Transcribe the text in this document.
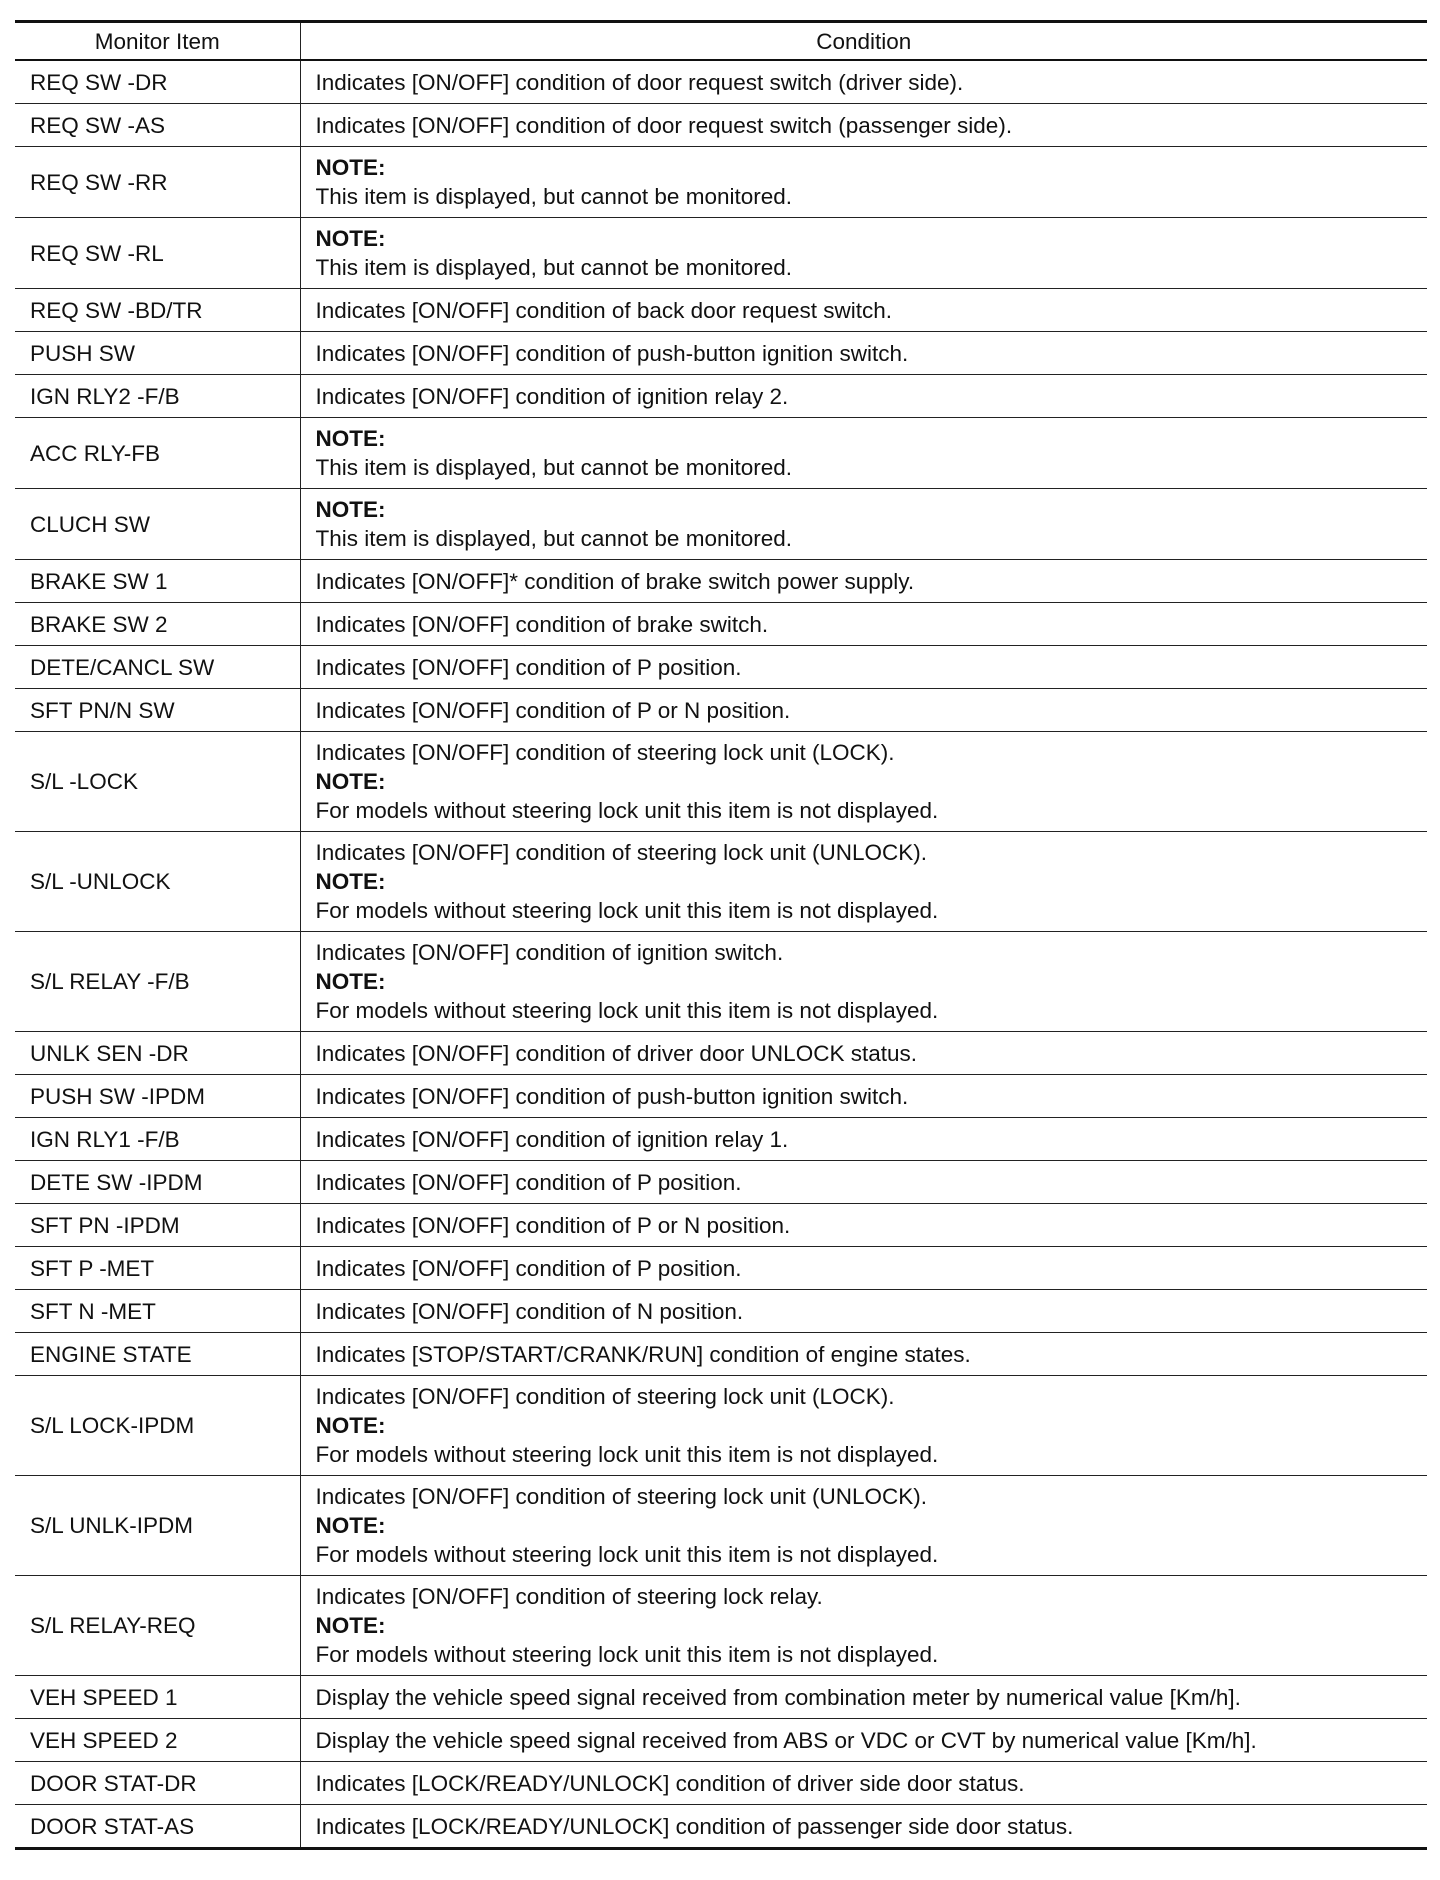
Monitor Item	Condition
REQ SW -DR	Indicates [ON/OFF] condition of door request switch (driver side).

REQ SW -AS	Indicates [ON/OFF] condition of door request switch (passenger side).

REQ SW -RR	NOTE:
This item is displayed, but cannot be monitored.

REQ SW -RL	NOTE:
This item is displayed, but cannot be monitored.

REQ SW -BD/TR	Indicates [ON/OFF] condition of back door request switch.

PUSH SW	Indicates [ON/OFF] condition of push-button ignition switch.

IGN RLY2 -F/B	Indicates [ON/OFF] condition of ignition relay 2.

ACC RLY-FB	NOTE:
This item is displayed, but cannot be monitored.

CLUCH SW	NOTE:
This item is displayed, but cannot be monitored.

BRAKE SW 1	Indicates [ON/OFF]* condition of brake switch power supply.

BRAKE SW 2	Indicates [ON/OFF] condition of brake switch.

DETE/CANCL SW	Indicates [ON/OFF] condition of P position.

SFT PN/N SW	Indicates [ON/OFF] condition of P or N position.

S/L -LOCK	Indicates [ON/OFF] condition of steering lock unit (LOCK).
NOTE:
For models without steering lock unit this item is not displayed.

S/L -UNLOCK	Indicates [ON/OFF] condition of steering lock unit (UNLOCK).
NOTE:
For models without steering lock unit this item is not displayed.

S/L RELAY -F/B	Indicates [ON/OFF] condition of ignition switch.
NOTE:
For models without steering lock unit this item is not displayed.

UNLK SEN -DR	Indicates [ON/OFF] condition of driver door UNLOCK status.

PUSH SW -IPDM	Indicates [ON/OFF] condition of push-button ignition switch.

IGN RLY1 -F/B	Indicates [ON/OFF] condition of ignition relay 1.

DETE SW -IPDM	Indicates [ON/OFF] condition of P position.

SFT PN -IPDM	Indicates [ON/OFF] condition of P or N position.

SFT P -MET	Indicates [ON/OFF] condition of P position.

SFT N -MET	Indicates [ON/OFF] condition of N position.

ENGINE STATE	Indicates [STOP/START/CRANK/RUN] condition of engine states.

S/L LOCK-IPDM	Indicates [ON/OFF] condition of steering lock unit (LOCK).
NOTE:
For models without steering lock unit this item is not displayed.

S/L UNLK-IPDM	Indicates [ON/OFF] condition of steering lock unit (UNLOCK).
NOTE:
For models without steering lock unit this item is not displayed.

S/L RELAY-REQ	Indicates [ON/OFF] condition of steering lock relay.
NOTE:
For models without steering lock unit this item is not displayed.

VEH SPEED 1	Display the vehicle speed signal received from combination meter by numerical value [Km/h].

VEH SPEED 2	Display the vehicle speed signal received from ABS or VDC or CVT by numerical value [Km/h].

DOOR STAT-DR	Indicates [LOCK/READY/UNLOCK] condition of driver side door status.

DOOR STAT-AS	Indicates [LOCK/READY/UNLOCK] condition of passenger side door status.
